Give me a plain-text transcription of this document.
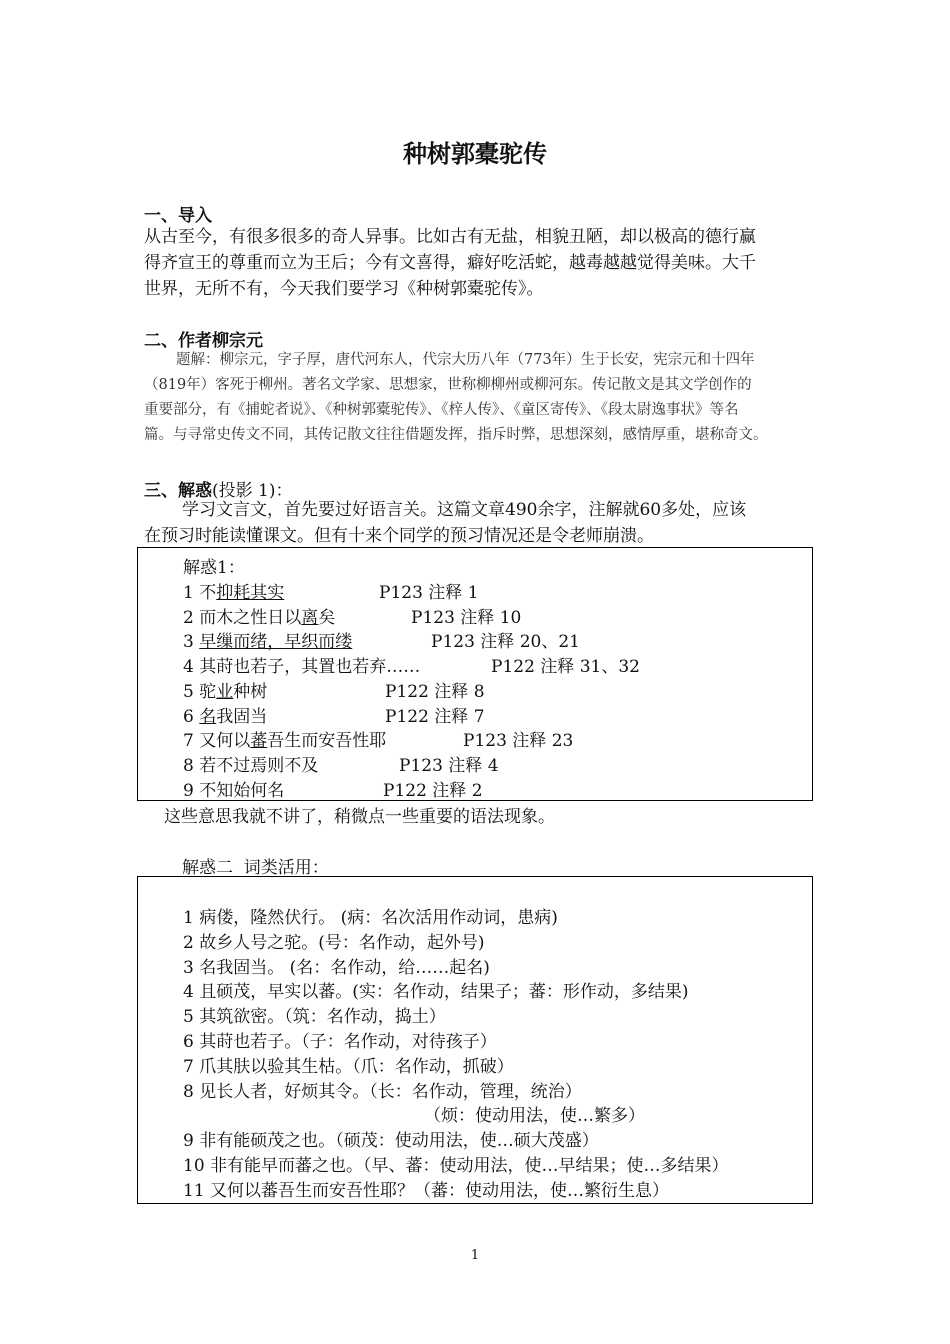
种树郭橐驼传
一、导入
从古至今，有很多很多的奇人异事。比如古有无盐，相貌丑陋，却以极高的德行赢
得齐宣王的尊重而立为王后；今有文喜得，癖好吃活蛇，越毒越越觉得美味。大千
世界，无所不有，今天我们要学习《种树郭橐驼传》。
二、作者柳宗元
题解：柳宗元，字子厚，唐代河东人，代宗大历八年（773年）生于长安，宪宗元和十四年
（819年）客死于柳州。著名文学家、思想家，世称柳柳州或柳河东。传记散文是其文学创作的
重要部分，有《捕蛇者说》、《种树郭橐驼传》、《梓人传》、《童区寄传》、《段太尉逸事状》等名
篇。与寻常史传文不同，其传记散文往往借题发挥，指斥时弊，思想深刻，感情厚重，堪称奇文。
三、解惑(投影 1)：
学习文言文，首先要过好语言关。这篇文章490余字，注解就60多处，应该
在预习时能读懂课文。但有十来个同学的预习情况还是令老师崩溃。
解惑1：
1 不抑耗其实	P123 注释 1
2 而木之性日以离矣	P123 注释 10
3 早缫而绪，早织而缕	P123 注释 20、21
4 其莳也若子，其置也若弃……	P122 注释 31、32
5 驼业种树	P122 注释 8
6 名我固当	P122 注释 7
7 又何以蕃吾生而安吾性耶	P123 注释 23
8 若不过焉则不及	P123 注释 4
9 不知始何名	P122 注释 2
这些意思我就不讲了，稍微点一些重要的语法现象。
解惑二  词类活用：
1 病偻，隆然伏行。 (病：名次活用作动词，患病)
2 故乡人号之驼。(号：名作动，起外号)
3 名我固当。 (名：名作动，给……起名)
4 且硕茂，早实以蕃。(实：名作动，结果子；蕃：形作动，多结果)
5 其筑欲密。（筑：名作动，捣土）
6 其莳也若子。（子：名作动，对待孩子）
7 爪其肤以验其生枯。（爪：名作动，抓破）
8 见长人者，好烦其令。（长：名作动，管理，统治）
（烦：使动用法，使…繁多）
9 非有能硕茂之也。（硕茂：使动用法，使…硕大茂盛）
10 非有能早而蕃之也。（早、蕃：使动用法，使…早结果；使…多结果）
11 又何以蕃吾生而安吾性耶？（蕃：使动用法，使…繁衍生息）
1
